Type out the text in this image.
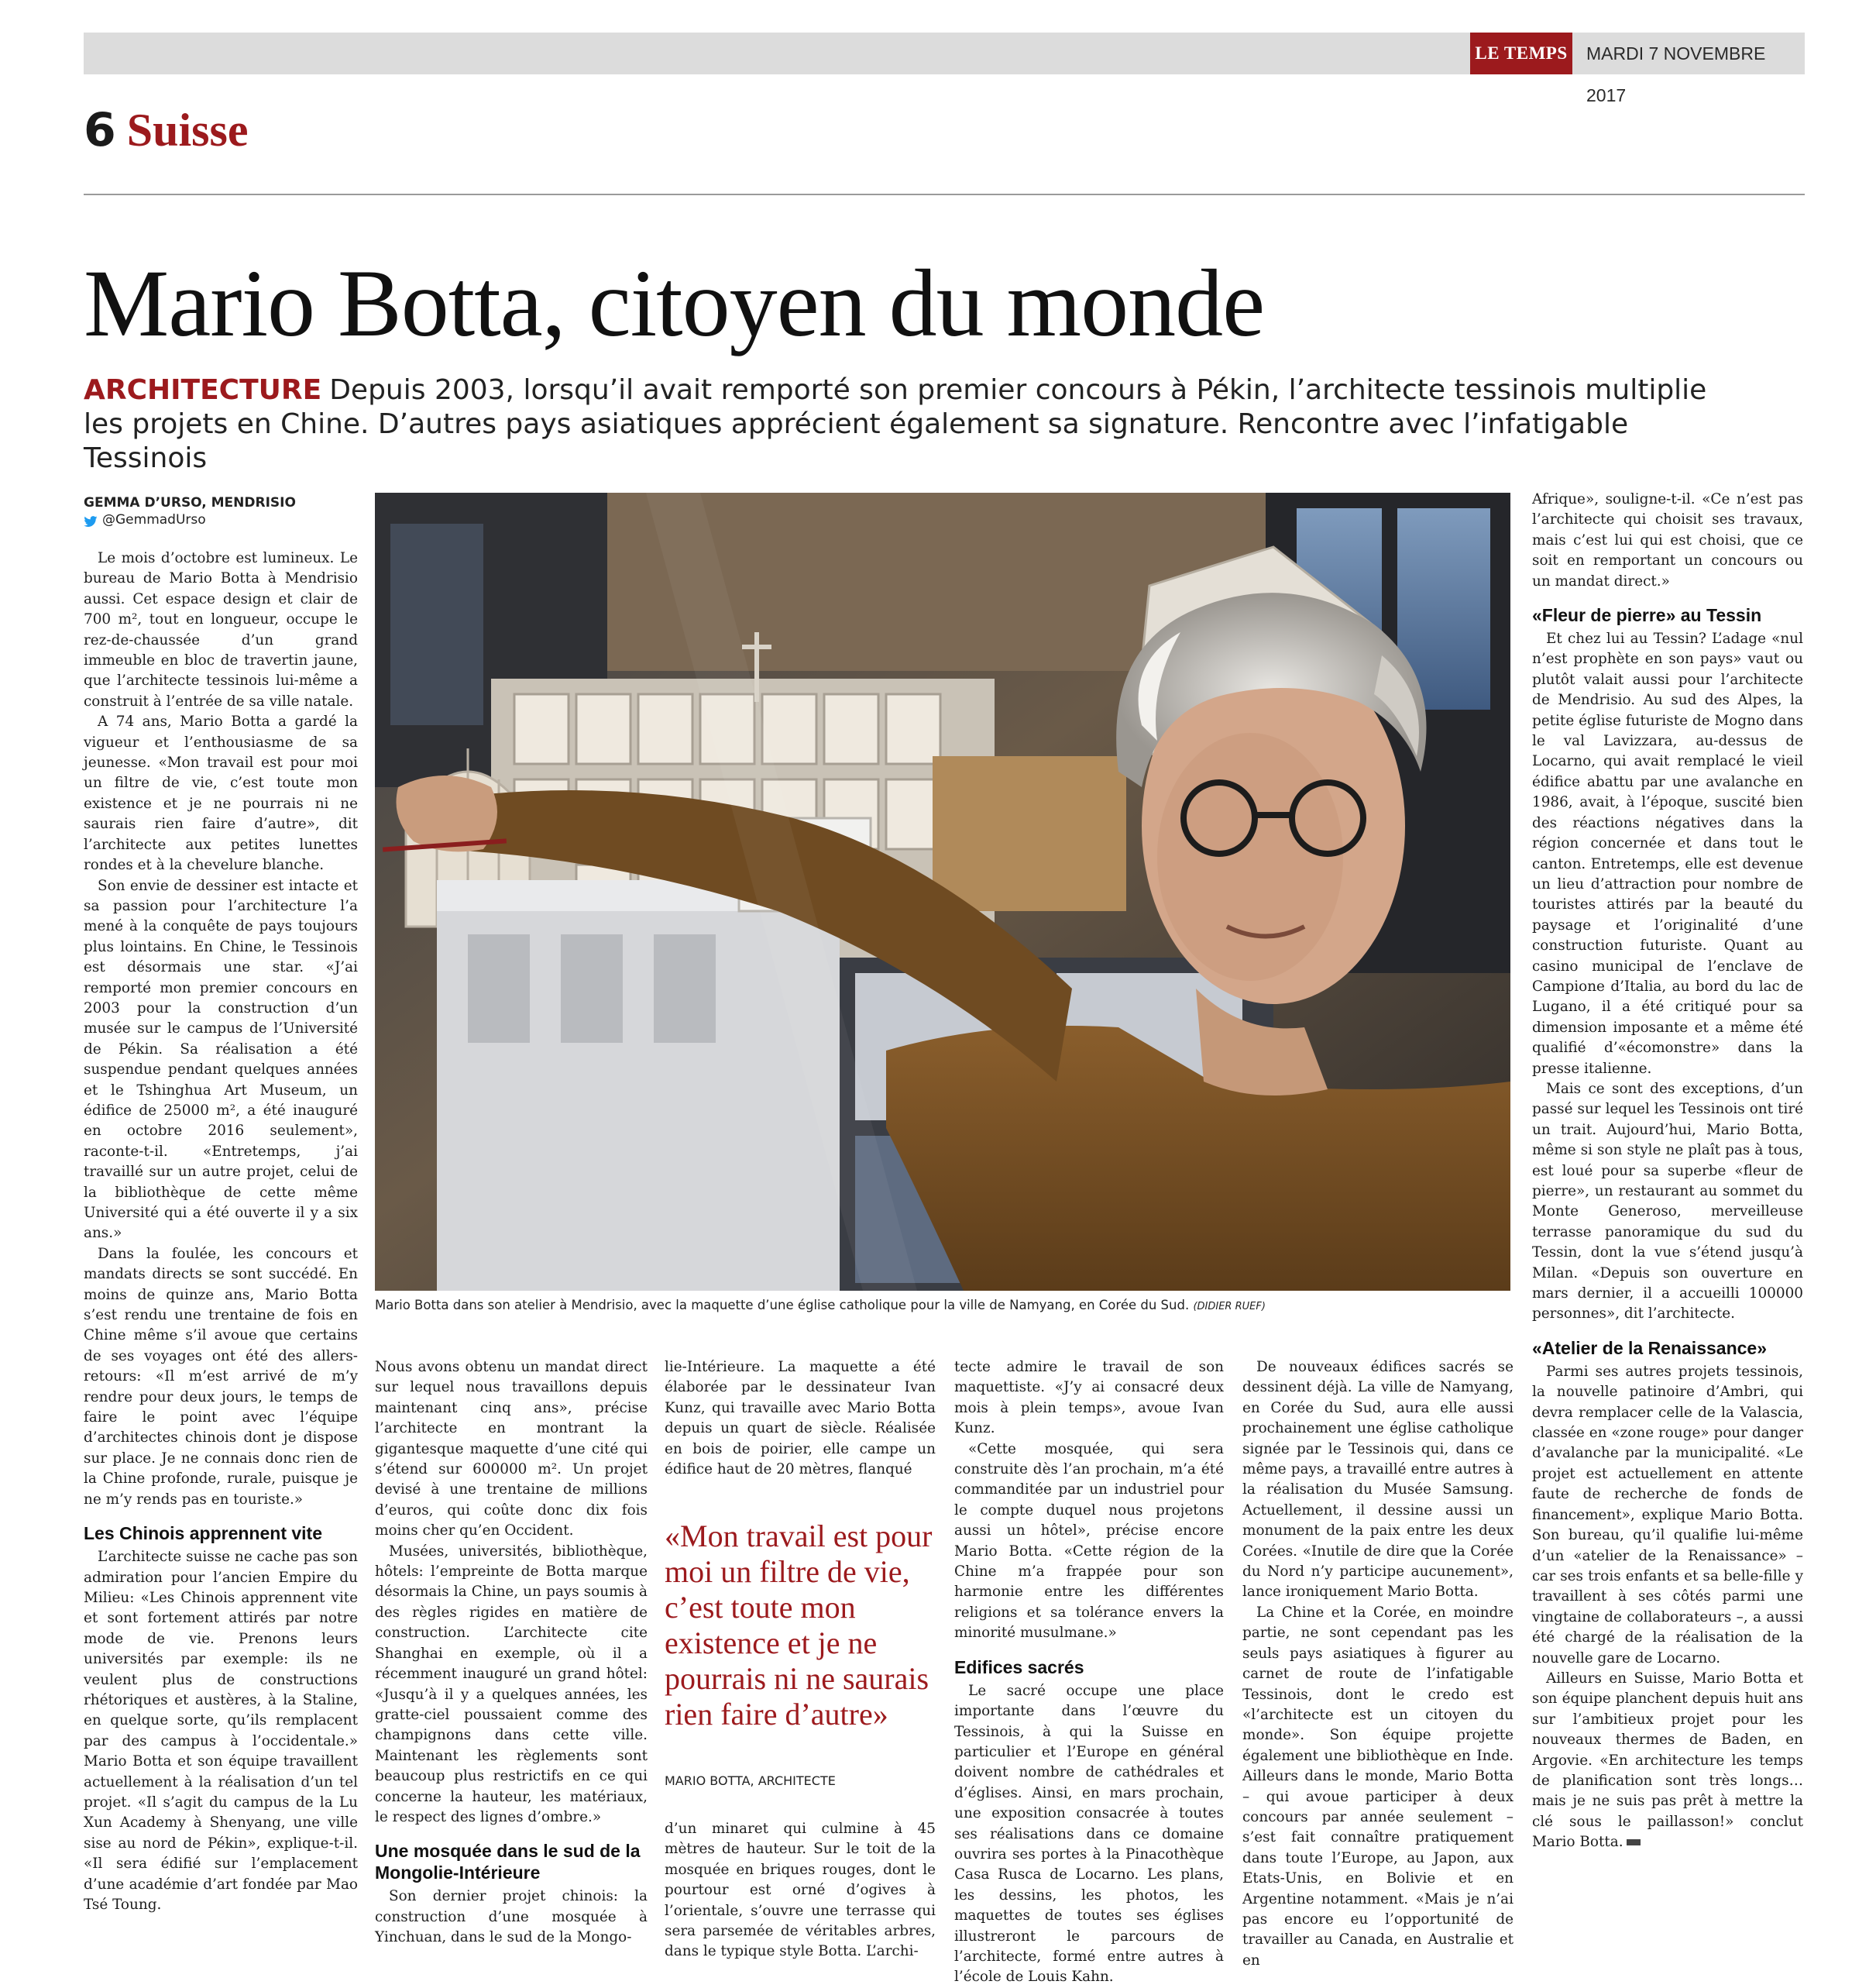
LE TEMPS MARDI 7 NOVEMBRE 2017
6 Suisse
Mario Botta, citoyen du monde
ARCHITECTURE Depuis 2003, lorsqu’il avait remporté son premier concours à Pékin, l’architecte tessinois multiplie les projets en Chine. D’autres pays asiatiques apprécient également sa signature. Rencontre avec l’infatigable Tessinois
GEMMA D’URSO, MENDRISIO
@GemmadUrso

Le mois d’octobre est lumineux. Le bureau de Mario Botta à Mendrisio aussi. Cet espace design et clair de 700 m², tout en longueur, occupe le rez-de-chaussée d’un grand immeuble en bloc de travertin jaune, que l’architecte tessinois lui-même a construit à l’entrée de sa ville natale.

A 74 ans, Mario Botta a gardé la vigueur et l’enthousiasme de sa jeunesse. «Mon travail est pour moi un filtre de vie, c’est toute mon existence et je ne pourrais ni ne saurais rien faire d’autre», dit l’architecte aux petites lunettes rondes et à la chevelure blanche.

Son envie de dessiner est intacte et sa passion pour l’architecture l’a mené à la conquête de pays toujours plus lointains. En Chine, le Tessinois est désormais une star. «J’ai remporté mon premier concours en 2003 pour la construction d’un musée sur le campus de l’Université de Pékin. Sa réalisation a été suspendue pendant quelques années et le Tshinghua Art Museum, un édifice de 25000 m², a été inauguré en octobre 2016 seulement», raconte-t-il. «Entretemps, j’ai travaillé sur un autre projet, celui de la bibliothèque de cette même Université qui a été ouverte il y a six ans.»

Dans la foulée, les concours et mandats directs se sont succédé. En moins de quinze ans, Mario Botta s’est rendu une trentaine de fois en Chine même s’il avoue que certains de ses voyages ont été des allers-retours: «Il m’est arrivé de m’y rendre pour deux jours, le temps de faire le point avec l’équipe d’architectes chinois dont je dispose sur place. Je ne connais donc rien de la Chine profonde, rurale, puisque je ne m’y rends pas en touriste.»

Les Chinois apprennent vite

L’architecte suisse ne cache pas son admiration pour l’ancien Empire du Milieu: «Les Chinois apprennent vite et sont fortement attirés par notre mode de vie. Prenons leurs universités par exemple: ils ne veulent plus de constructions rhétoriques et austères, à la Staline, en quelque sorte, qu’ils remplacent par des campus à l’occidentale.» Mario Botta et son équipe travaillent actuellement à la réalisation d’un tel projet. «Il s’agit du campus de la Lu Xun Academy à Shenyang, une ville sise au nord de Pékin», explique-t-il. «Il sera édifié sur l’emplacement d’une académie d’art fondée par Mao Tsé Toung.

Mario Botta dans son atelier à Mendrisio, avec la maquette d’une église catholique pour la ville de Namyang, en Corée du Sud. (DIDIER RUEF)

Nous avons obtenu un mandat direct sur lequel nous travaillons depuis maintenant cinq ans», précise l’architecte en montrant la gigantesque maquette d’une cité qui s’étend sur 600000 m². Un projet devisé à une trentaine de millions d’euros, qui coûte donc dix fois moins cher qu’en Occident.

Musées, universités, bibliothèque, hôtels: l’empreinte de Botta marque désormais la Chine, un pays soumis à des règles rigides en matière de construction. L’architecte cite Shanghai en exemple, où il a récemment inauguré un grand hôtel: «Jusqu’à il y a quelques années, les gratte-ciel poussaient comme des champignons dans cette ville. Maintenant les règlements sont beaucoup plus restrictifs en ce qui concerne la hauteur, les matériaux, le respect des lignes d’ombre.»

Une mosquée dans le sud de la Mongolie-Intérieure

Son dernier projet chinois: la construction d’une mosquée à Yinchuan, dans le sud de la Mongo-

lie-Intérieure. La maquette a été élaborée par le dessinateur Ivan Kunz, qui travaille avec Mario Botta depuis un quart de siècle. Réalisée en bois de poirier, elle campe un édifice haut de 20 mètres, flanqué

«Mon travail est pour moi un filtre de vie, c’est toute mon existence et je ne pourrais ni ne saurais rien faire d’autre»
MARIO BOTTA, ARCHITECTE

d’un minaret qui culmine à 45 mètres de hauteur. Sur le toit de la mosquée en briques rouges, dont le pourtour est orné d’ogives à l’orientale, s’ouvre une terrasse qui sera parsemée de véritables arbres, dans le typique style Botta. L’archi-

tecte admire le travail de son maquettiste. «J’y ai consacré deux mois à plein temps», avoue Ivan Kunz.

«Cette mosquée, qui sera construite dès l’an prochain, m’a été commanditée par un industriel pour le compte duquel nous projetons aussi un hôtel», précise encore Mario Botta. «Cette région de la Chine m’a frappée pour son harmonie entre les différentes religions et sa tolérance envers la minorité musulmane.»

Edifices sacrés

Le sacré occupe une place importante dans l’œuvre du Tessinois, à qui la Suisse en particulier et l’Europe en général doivent nombre de cathédrales et d’églises. Ainsi, en mars prochain, une exposition consacrée à toutes ses réalisations dans ce domaine ouvrira ses portes à la Pinacothèque Casa Rusca de Locarno. Les plans, les dessins, les photos, les maquettes de toutes ses églises illustreront le parcours de l’architecte, formé entre autres à l’école de Louis Kahn.

De nouveaux édifices sacrés se dessinent déjà. La ville de Namyang, en Corée du Sud, aura elle aussi prochainement une église catholique signée par le Tessinois qui, dans ce même pays, a travaillé entre autres à la réalisation du Musée Samsung. Actuellement, il dessine aussi un monument de la paix entre les deux Corées. «Inutile de dire que la Corée du Nord n’y participe aucunement», lance ironiquement Mario Botta.

La Chine et la Corée, en moindre partie, ne sont cependant pas les seuls pays asiatiques à figurer au carnet de route de l’infatigable Tessinois, dont le credo est «l’architecte est un citoyen du monde». Son équipe projette également une bibliothèque en Inde. Ailleurs dans le monde, Mario Botta – qui avoue participer à deux concours par année seulement – s’est fait connaître pratiquement dans toute l’Europe, au Japon, aux Etats-Unis, en Bolivie et en Argentine notamment. «Mais je n’ai pas encore eu l’opportunité de travailler au Canada, en Australie et en

Afrique», souligne-t-il. «Ce n’est pas l’architecte qui choisit ses travaux, mais c’est lui qui est choisi, que ce soit en remportant un concours ou un mandat direct.»

«Fleur de pierre» au Tessin

Et chez lui au Tessin? L’adage «nul n’est prophète en son pays» vaut ou plutôt valait aussi pour l’architecte de Mendrisio. Au sud des Alpes, la petite église futuriste de Mogno dans le val Lavizzara, au-dessus de Locarno, qui avait remplacé le vieil édifice abattu par une avalanche en 1986, avait, à l’époque, suscité bien des réactions négatives dans la région concernée et dans tout le canton. Entretemps, elle est devenue un lieu d’attraction pour nombre de touristes attirés par la beauté du paysage et l’originalité d’une construction futuriste. Quant au casino municipal de l’enclave de Campione d’Italia, au bord du lac de Lugano, il a été critiqué pour sa dimension imposante et a même été qualifié d’«écomonstre» dans la presse italienne.

Mais ce sont des exceptions, d’un passé sur lequel les Tessinois ont tiré un trait. Aujourd’hui, Mario Botta, même si son style ne plaît pas à tous, est loué pour sa superbe «fleur de pierre», un restaurant au sommet du Monte Generoso, merveilleuse terrasse panoramique du sud du Tessin, dont la vue s’étend jusqu’à Milan. «Depuis son ouverture en mars dernier, il a accueilli 100000 personnes», dit l’architecte.

«Atelier de la Renaissance»

Parmi ses autres projets tessinois, la nouvelle patinoire d’Ambri, qui devra remplacer celle de la Valascia, classée en «zone rouge» pour danger d’avalanche par la municipalité. «Le projet est actuellement en attente faute de recherche de fonds de financement», explique Mario Botta. Son bureau, qu’il qualifie lui-même d’un «atelier de la Renaissance» – car ses trois enfants et sa belle-fille y travaillent à ses côtés parmi une vingtaine de collaborateurs –, a aussi été chargé de la réalisation de la nouvelle gare de Locarno.

Ailleurs en Suisse, Mario Botta et son équipe planchent depuis huit ans sur l’ambitieux projet pour les nouveaux thermes de Baden, en Argovie. «En architecture les temps de planification sont très longs… mais je ne suis pas prêt à mettre la clé sous le paillasson!» conclut Mario Botta.
